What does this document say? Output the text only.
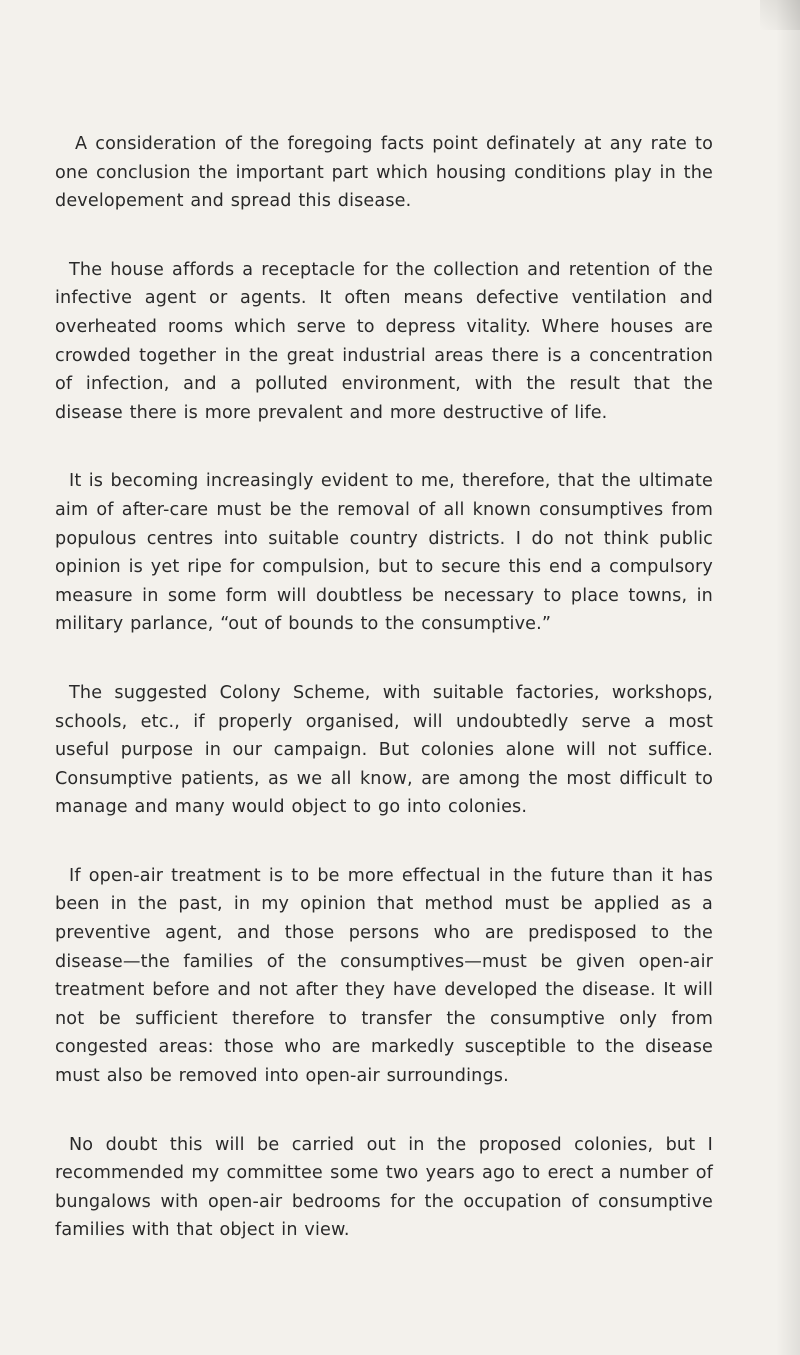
A consideration of the foregoing facts point definately at any rate to one conclusion the important part which housing conditions play in the developement and spread this disease.

The house affords a receptacle for the collection and retention of the infective agent or agents. It often means defective ventilation and overheated rooms which serve to depress vitality. Where houses are crowded together in the great industrial areas there is a concentration of infection, and a polluted environment, with the result that the disease there is more prevalent and more destructive of life.

It is becoming increasingly evident to me, therefore, that the ultimate aim of after-care must be the removal of all known consumptives from populous centres into suitable country districts. I do not think public opinion is yet ripe for compulsion, but to secure this end a compulsory measure in some form will doubtless be necessary to place towns, in military parlance, “out of bounds to the consumptive.”

The suggested Colony Scheme, with suitable factories, workshops, schools, etc., if properly organised, will undoubtedly serve a most useful purpose in our campaign. But colonies alone will not suffice. Consumptive patients, as we all know, are among the most difficult to manage and many would object to go into colonies.

If open-air treatment is to be more effectual in the future than it has been in the past, in my opinion that method must be applied as a preventive agent, and those persons who are predisposed to the disease—the families of the consumptives—must be given open-air treatment before and not after they have developed the disease. It will not be sufficient therefore to transfer the consumptive only from congested areas: those who are markedly susceptible to the disease must also be removed into open-air surroundings.

No doubt this will be carried out in the proposed colonies, but I recommended my committee some two years ago to erect a number of bungalows with open-air bedrooms for the occupation of consumptive families with that object in view.
